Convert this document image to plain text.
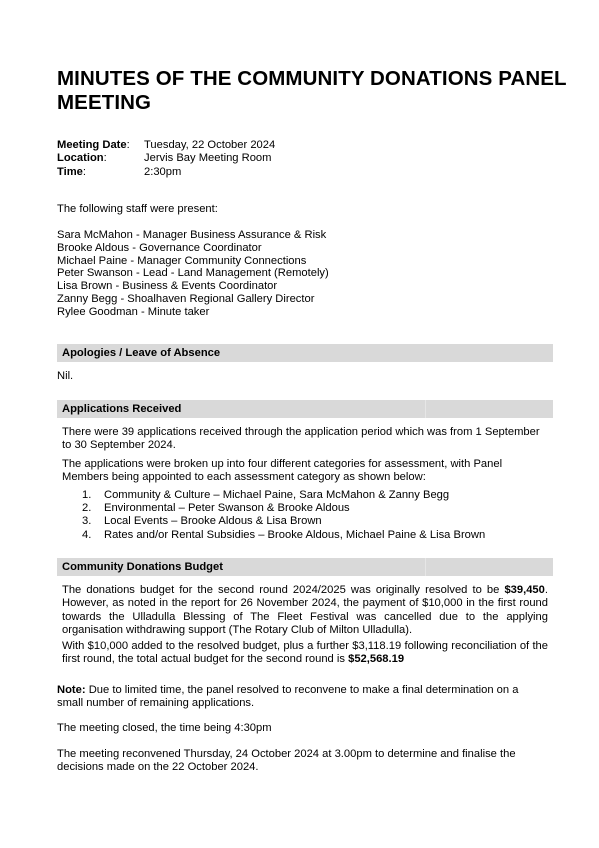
MINUTES OF THE COMMUNITY DONATIONS PANEL MEETING
Meeting Date:	Tuesday, 22 October 2024
Location:	Jervis Bay Meeting Room
Time:	2:30pm
The following staff were present:
Sara McMahon - Manager Business Assurance & Risk
Brooke Aldous - Governance Coordinator
Michael Paine - Manager Community Connections
Peter Swanson - Lead - Land Management (Remotely)
Lisa Brown - Business & Events Coordinator
Zanny Begg - Shoalhaven Regional Gallery Director
Rylee Goodman - Minute taker
Apologies / Leave of Absence
Nil.
Applications Received
There were 39 applications received through the application period which was from 1 September to 30 September 2024.
The applications were broken up into four different categories for assessment, with Panel Members being appointed to each assessment category as shown below:
1.	Community & Culture – Michael Paine, Sara McMahon & Zanny Begg
2.	Environmental – Peter Swanson & Brooke Aldous
3.	Local Events – Brooke Aldous & Lisa Brown
4.	Rates and/or Rental Subsidies – Brooke Aldous, Michael Paine & Lisa Brown
Community Donations Budget
The donations budget for the second round 2024/2025 was originally resolved to be $39,450. However, as noted in the report for 26 November 2024, the payment of $10,000 in the first round towards the Ulladulla Blessing of The Fleet Festival was cancelled due to the applying organisation withdrawing support (The Rotary Club of Milton Ulladulla).
With $10,000 added to the resolved budget, plus a further $3,118.19 following reconciliation of the first round, the total actual budget for the second round is $52,568.19
Note: Due to limited time, the panel resolved to reconvene to make a final determination on a small number of remaining applications.
The meeting closed, the time being 4:30pm
The meeting reconvened Thursday, 24 October 2024 at 3.00pm to determine and finalise the decisions made on the 22 October 2024.
